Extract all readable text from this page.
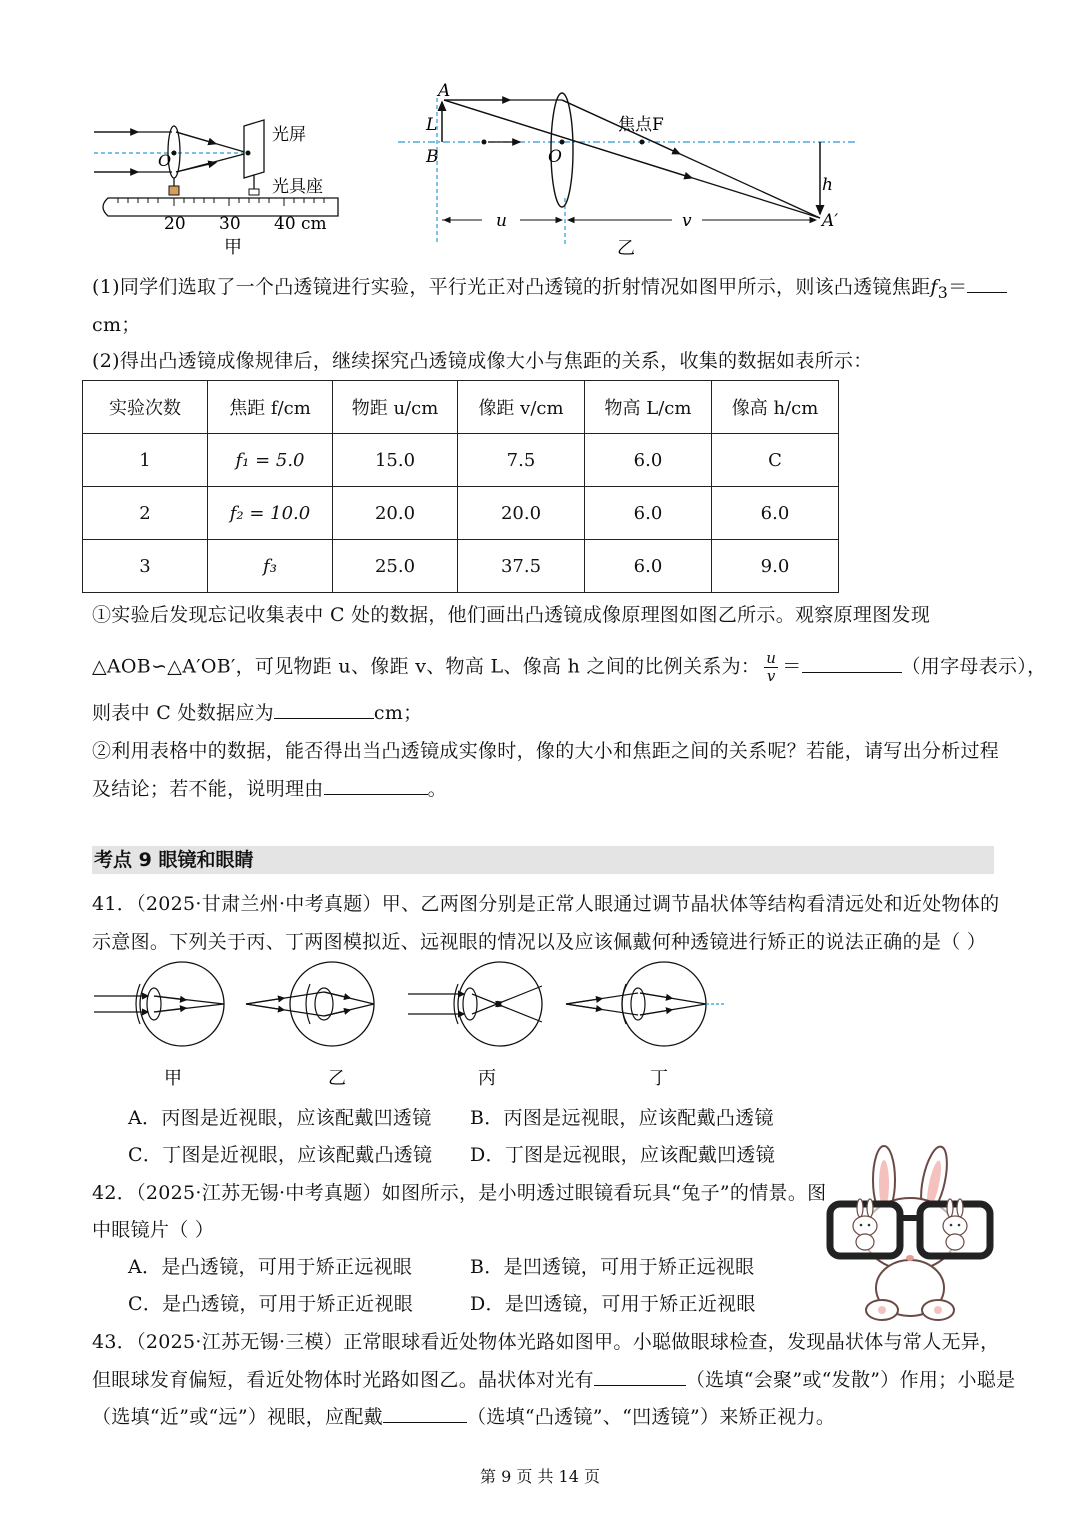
O
光屏
光具座
20 30 40 cm
甲
A
L
B	O
焦点F
h
A′
u	v
乙
(1)同学们选取了一个凸透镜进行实验，平行光正对凸透镜的折射情况如图甲所示，则该凸透镜焦距$f_3=$
cm；
(2)得出凸透镜成像规律后，继续探究凸透镜成像大小与焦距的关系，收集的数据如表所示：
实验次数	焦距 f/cm	物距 u/cm	像距 v/cm	物高 L/cm	像高 h/cm
1	f₁ = 5.0	15.0	7.5	6.0	C
2	f₂ = 10.0	20.0	20.0	6.0	6.0
3	f₃	25.0	37.5	6.0	9.0
①实验后发现忘记收集表中 C 处的数据，他们画出凸透镜成像原理图如图乙所示。观察原理图发现
△AOB∽△A′OB′，可见物距 u、像距 v、物高 L、像高 h 之间的比例关系为： $\frac{u}{v}$ ＝	（用字母表示），
则表中 C 处数据应为	cm；
②利用表格中的数据，能否得出当凸透镜成实像时，像的大小和焦距之间的关系呢？若能，请写出分析过程
及结论；若不能，说明理由	。
考点 9 眼镜和眼睛
41．（2025·甘肃兰州·中考真题）甲、乙两图分别是正常人眼通过调节晶状体等结构看清远处和近处物体的
示意图。下列关于丙、丁两图模拟近、远视眼的情况以及应该佩戴何种透镜进行矫正的说法正确的是（ ）
甲	乙	丙	丁
A．丙图是近视眼，应该配戴凹透镜 B．丙图是远视眼，应该配戴凸透镜
C．丁图是近视眼，应该配戴凸透镜 D．丁图是远视眼，应该配戴凹透镜
42．（2025·江苏无锡·中考真题）如图所示，是小明透过眼镜看玩具“兔子”的情景。图
中眼镜片（ ）
A．是凸透镜，可用于矫正远视眼	B．是凹透镜，可用于矫正远视眼
C．是凸透镜，可用于矫正近视眼	D．是凹透镜，可用于矫正近视眼
43．（2025·江苏无锡·三模）正常眼球看近处物体光路如图甲。小聪做眼球检查，发现晶状体与常人无异，
但眼球发育偏短，看近处物体时光路如图乙。晶状体对光有	（选填“会聚”或“发散”）作用；小聪是
（选填“近”或“远”）视眼，应配戴	（选填“凸透镜”、“凹透镜”）来矫正视力。
第 9 页 共 14 页
